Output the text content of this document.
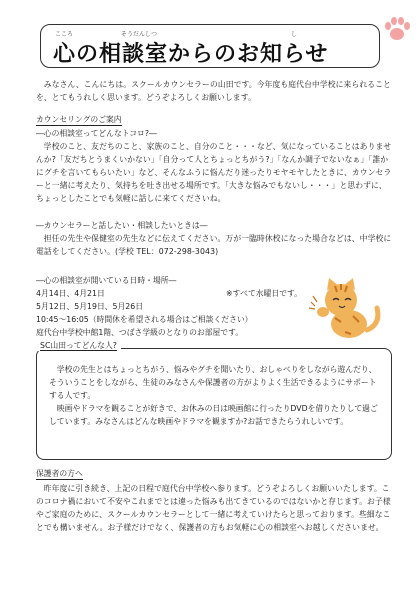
こころ	そうだんしつ	し
心の相談室からのお知らせ

みなさん、こんにちは。スクールカウンセラーの山田です。今年度も庭代台中学校に来られることを、とてもうれしく思います。どうぞよろしくお願いします。

カウンセリングのご案内
―心の相談室ってどんなトコロ?―

学校のこと、友だちのこと、家族のこと、自分のこと・・・など、気になっていることはありませんか?「友だちとうまくいかない」「自分って人とちょっとちがう?」「なんか調子でないなぁ」「誰かにグチを言いてもらいたい」など、そんなふうに悩んだり迷ったりモヤモヤしたときに、カウンセラーと一緒に考えたり、気持ちを吐き出せる場所です。「大きな悩みでもないし・・・」と思わずに、ちょっとしたことでも気軽に話しに来てくださいね。

―カウンセラーと話したい・相談したいときは―

担任の先生や保健室の先生などに伝えてください。万が一臨時休校になった場合などは、中学校に電話をしてください。(学校 TEL：072-298-3043)

―心の相談室が開いている日時・場所―
4月14日、4月21日	※すべて水曜日です。
5月12日、5月19日、5月26日
10:45～16:05（時間休を希望される場合はご相談ください）
庭代台中学校中館1階、つばさ学級のとなりのお部屋です。

学校の先生とはちょっとちがう、悩みやグチを聞いたり、おしゃべりをしながら遊んだり、そういうことをしながら、生徒のみなさんや保護者の方がよりよく生活できるようにサポートする人です。

映画やドラマを観ることが好きで、お休みの日は映画館に行ったりDVDを借りたりして過ごしています。みなさんはどんな映画やドラマを観ますか?お話できたらうれしいです。

SC山田ってどんな人?
保護者の方へ

昨年度に引き続き、上記の日程で庭代台中学校へ参ります。どうぞよろしくお願いいたします。このコロナ禍において不安やこれまでとは違った悩みも出てきているのではないかと存じます。お子様やご家庭のために、スクールカウンセラーとして一緒に考えていけたらと思っております。些細なことでも構いません。お子様だけでなく、保護者の方もお気軽に心の相談室へお越しくださいませ。
